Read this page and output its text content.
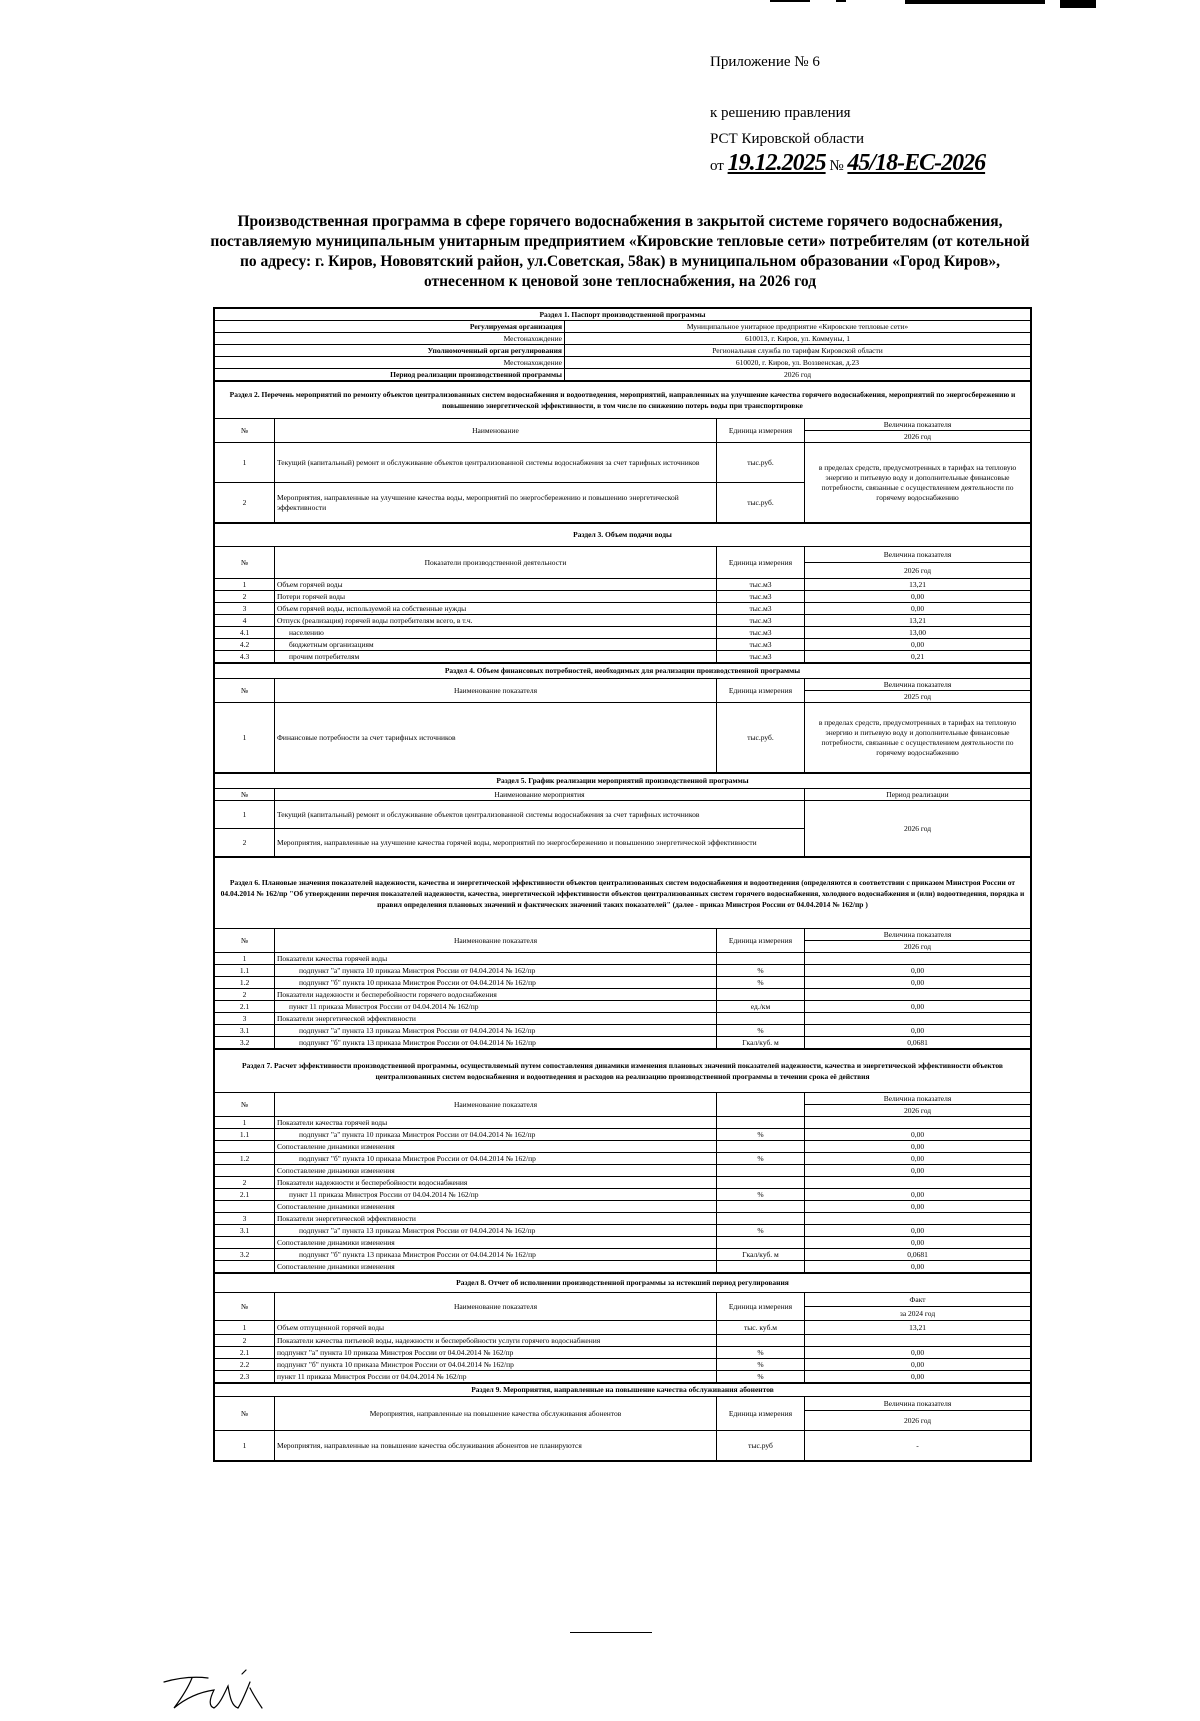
Приложение № 6
к решению правления
РСТ Кировской области
от 19.12.2025 № 45/18-ЕС-2026
Производственная программа в сфере горячего водоснабжения в закрытой системе горячего водоснабжения, поставляемую муниципальным унитарным предприятием «Кировские тепловые сети» потребителям (от котельной по адресу: г. Киров, Нововятский район, ул.Советская, 58ак) в муниципальном образовании «Город Киров», отнесенном к ценовой зоне теплоснабжения, на 2026 год
Раздел 1. Паспорт производственной программы	
Регулируемая организация	Муниципальное унитарное предприятие «Кировские тепловые сети»
Местонахождение	610013, г. Киров, ул. Коммуны, 1
Уполномоченный орган регулирования	Региональная служба по тарифам Кировской области
Местонахождение	610020, г. Киров, ул. Воззвенская, д.23
Период реализации производственной программы	2026 год
Раздел 2. Перечень мероприятий по ремонту объектов централизованных систем водоснабжения и водоотведения, мероприятий, направленных на улучшение качества горячего водоснабжения, мероприятий по энергосбережению и повышению энергетической эффективности, в том числе по снижению потерь воды при транспортировке			
№	Наименование	Единица измерения	Величина показателя
			2026 год
1	Текущий (капитальный) ремонт и обслуживание объектов централизованной системы водоснабжения за счет тарифных источников	тыс.руб.	в пределах средств, предусмотренных в тарифах на тепловую энергию и питьевую воду и дополнительные финансовые потребности, связанные с осуществлением деятельности по горячему водоснабжению
2	Мероприятия, направленные на улучшение качества воды, мероприятий по энергосбережению и повышению энергетической эффективности	тыс.руб.	
Раздел 3. Объем подачи воды			
№	Показатели производственной деятельности	Единица измерения	Величина показателя
			2026 год
1	Объем горячей воды	тыс.м3	13,21
2	Потери горячей воды	тыс.м3	0,00
3	Объем горячей воды, используемой на собственные нужды	тыс.м3	0,00
4	Отпуск (реализация) горячей воды потребителям всего, в т.ч.	тыс.м3	13,21
4.1	населению	тыс.м3	13,00
4.2	бюджетным организациям	тыс.м3	0,00
4.3	прочим потребителям	тыс.м3	0,21
Раздел 4. Объем финансовых потребностей, необходимых для реализации производственной программы			
№	Наименование показателя	Единица измерения	Величина показателя
			2025 год
1	Финансовые потребности за счет тарифных источников	тыс.руб.	в пределах средств, предусмотренных в тарифах на тепловую энергию и питьевую воду и дополнительные финансовые потребности, связанные с осуществлением деятельности по горячему водоснабжению
Раздел 5. График реализации мероприятий производственной программы		
№	Наименование мероприятия	Период реализации
1	Текущий (капитальный) ремонт и обслуживание объектов централизованной системы водоснабжения за счет тарифных источников	2026 год
2	Мероприятия, направленные на улучшение качества горячей воды, мероприятий по энергосбережению и повышению энергетической эффективности	
Раздел 6. Плановые значения показателей надежности, качества и энергетической эффективности объектов централизованных систем водоснабжения и водоотведения (определяются в соответствии с приказом Минстроя России от 04.04.2014 № 162/пр "Об утверждении перечня показателей надежности, качества, энергетической эффективности объектов централизованных систем горячего водоснабжения, холодного водоснабжения и (или) водоотведения, порядка и правил определения плановых значений и фактических значений таких показателей" (далее - приказ Минстроя России от 04.04.2014 № 162/пр )			
№	Наименование показателя	Единица измерения	Величина показателя
			2026 год
1	Показатели качества горячей воды		
1.1	подпункт "а" пункта 10 приказа Минстроя России от 04.04.2014 № 162/пр	%	0,00
1.2	подпункт "б" пункта 10 приказа Минстроя России от 04.04.2014 № 162/пр	%	0,00
2	Показатели надежности и бесперебойности горячего водоснабжения		
2.1	пункт 11 приказа Минстроя России от 04.04.2014 № 162/пр	ед./км	0,00
3	Показатели энергетической эффективности		
3.1	подпункт "а" пункта 13 приказа Минстроя России от 04.04.2014 № 162/пр	%	0,00
3.2	подпункт "б" пункта 13 приказа Минстроя России от 04.04.2014 № 162/пр	Гкал/куб. м	0,0681
Раздел 7. Расчет эффективности производственной программы, осуществляемый путем сопоставления динамики изменения плановых значений показателей надежности, качества и энергетической эффективности объектов централизованных систем водоснабжения и водоотведения и расходов на реализацию производственной программы в течении срока её действия			
№	Наименование показателя		Величина показателя
			2026 год
1	Показатели качества горячей воды		
1.1	подпункт "а" пункта 10 приказа Минстроя России от 04.04.2014 № 162/пр	%	0,00
	Сопоставление динамики изменения		0,00
1.2	подпункт "б" пункта 10 приказа Минстроя России от 04.04.2014 № 162/пр	%	0,00
	Сопоставление динамики изменения		0,00
2	Показатели надежности и бесперебойности водоснабжения		
2.1	пункт 11 приказа Минстроя России от 04.04.2014 № 162/пр	%	0,00
	Сопоставление динамики изменения		0,00
3	Показатели энергетической эффективности		
3.1	подпункт "а" пункта 13 приказа Минстроя России от 04.04.2014 № 162/пр	%	0,00
	Сопоставление динамики изменения		0,00
3.2	подпункт "б" пункта 13 приказа Минстроя России от 04.04.2014 № 162/пр	Гкал/куб. м	0,0681
	Сопоставление динамики изменения		0,00
Раздел 8. Отчет об исполнении производственной программы за истекший период регулирования			
№	Наименование показателя	Единица измерения	Факт
			за 2024 год
1	Объем отпущенной горячей воды	тыс. куб.м	13,21
2	Показатели качества питьевой воды, надежности и бесперебойности услуги горячего водоснабжения		
2.1	подпункт "а" пункта 10 приказа Минстроя России от 04.04.2014 № 162/пр	%	0,00
2.2	подпункт "б" пункта 10 приказа Минстроя России от 04.04.2014 № 162/пр	%	0,00
2.3	пункт 11 приказа Минстроя России от 04.04.2014 № 162/пр	%	0,00
Раздел 9. Мероприятия, направленные на повышение качества обслуживания абонентов			
№	Мероприятия, направленные на повышение качества обслуживания абонентов	Единица измерения	Величина показателя
			2026 год
1	Мероприятия, направленные на повышение качества обслуживания абонентов не планируются	тыс.руб	-
